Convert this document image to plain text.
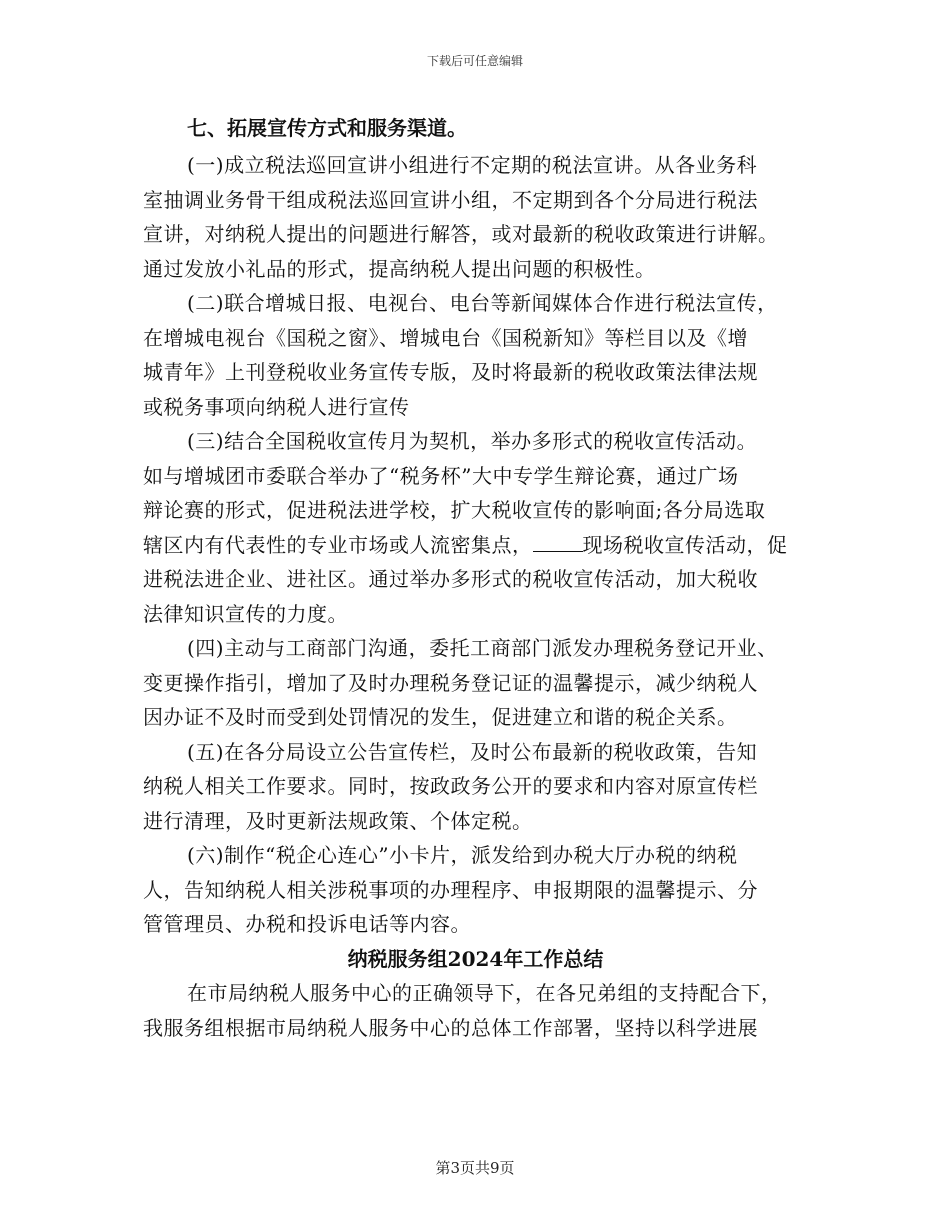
下载后可任意编辑
七、拓展宣传方式和服务渠道。
(一)成立税法巡回宣讲小组进行不定期的税法宣讲。从各业务科
室抽调业务骨干组成税法巡回宣讲小组，不定期到各个分局进行税法
宣讲，对纳税人提出的问题进行解答，或对最新的税收政策进行讲解。
通过发放小礼品的形式，提高纳税人提出问题的积极性。
(二)联合增城日报、电视台、电台等新闻媒体合作进行税法宣传，
在增城电视台《国税之窗》、增城电台《国税新知》等栏目以及《增
城青年》上刊登税收业务宣传专版，及时将最新的税收政策法律法规
或税务事项向纳税人进行宣传
(三)结合全国税收宣传月为契机，举办多形式的税收宣传活动。
如与增城团市委联合举办了“税务杯”大中专学生辩论赛，通过广场
辩论赛的形式，促进税法进学校，扩大税收宣传的影响面;各分局选取
辖区内有代表性的专业市场或人流密集点，	现场税收宣传活动，促
进税法进企业、进社区。通过举办多形式的税收宣传活动，加大税收
法律知识宣传的力度。
(四)主动与工商部门沟通，委托工商部门派发办理税务登记开业、
变更操作指引，增加了及时办理税务登记证的温馨提示，减少纳税人
因办证不及时而受到处罚情况的发生，促进建立和谐的税企关系。
(五)在各分局设立公告宣传栏，及时公布最新的税收政策，告知
纳税人相关工作要求。同时，按政政务公开的要求和内容对原宣传栏
进行清理，及时更新法规政策、个体定税。
(六)制作“税企心连心”小卡片，派发给到办税大厅办税的纳税
人，告知纳税人相关涉税事项的办理程序、申报期限的温馨提示、分
管管理员、办税和投诉电话等内容。
纳税服务组2024年工作总结
在市局纳税人服务中心的正确领导下，在各兄弟组的支持配合下，
我服务组根据市局纳税人服务中心的总体工作部署，坚持以科学进展
第3页共9页
